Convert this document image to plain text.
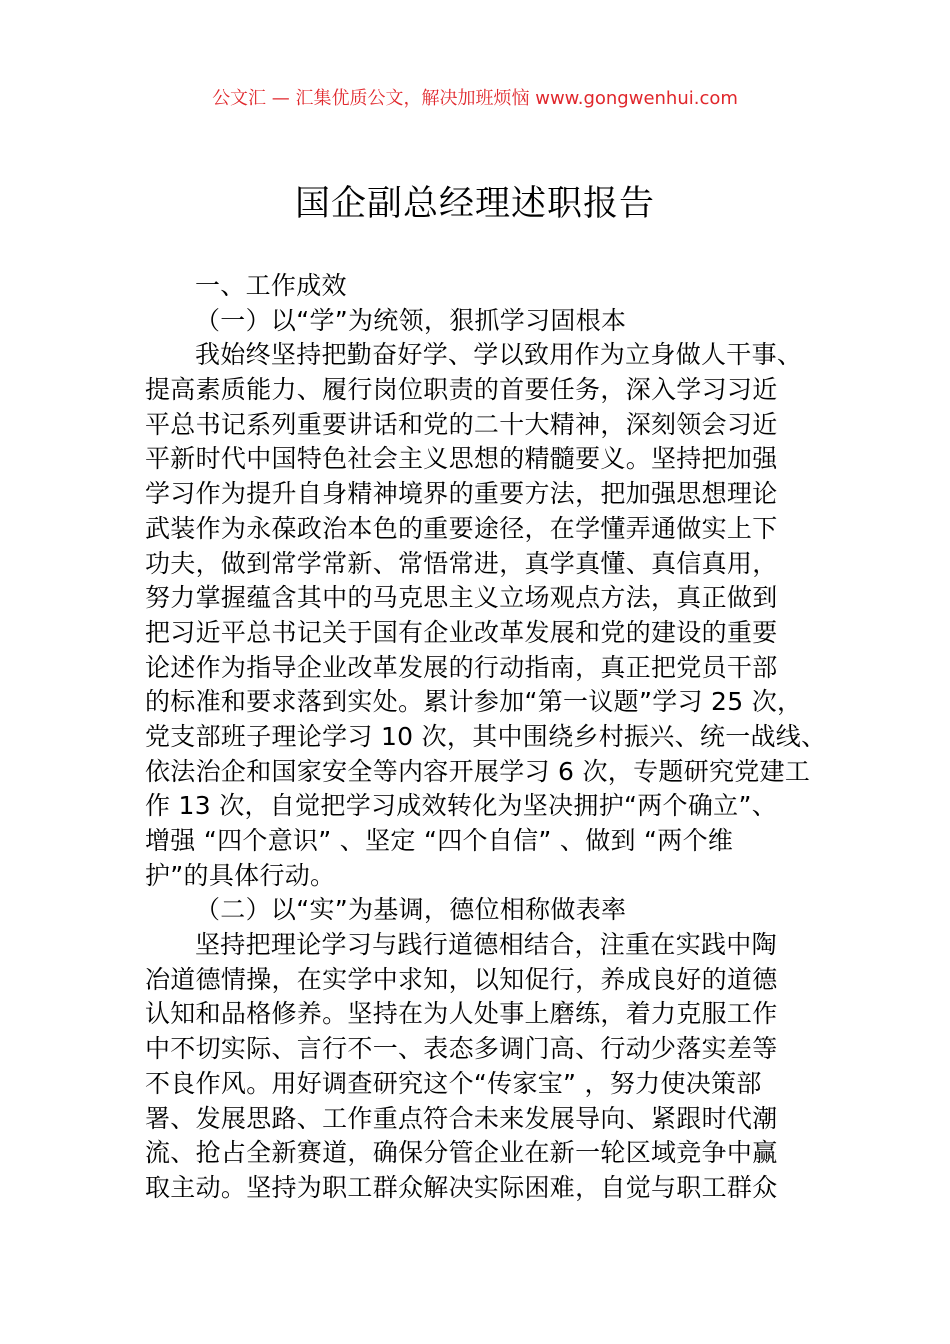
公文汇 — 汇集优质公文，解决加班烦恼 www.gongwenhui.com
国企副总经理述职报告
一、工作成效
（一）以“学”为统领，狠抓学习固根本
我始终坚持把勤奋好学、学以致用作为立身做人干事、
提高素质能力、履行岗位职责的首要任务，深入学习习近
平总书记系列重要讲话和党的二十大精神，深刻领会习近
平新时代中国特色社会主义思想的精髓要义。坚持把加强
学习作为提升自身精神境界的重要方法，把加强思想理论
武装作为永葆政治本色的重要途径，在学懂弄通做实上下
功夫，做到常学常新、常悟常进，真学真懂、真信真用，
努力掌握蕴含其中的马克思主义立场观点方法，真正做到
把习近平总书记关于国有企业改革发展和党的建设的重要
论述作为指导企业改革发展的行动指南，真正把党员干部
的标准和要求落到实处。累计参加“第一议题”学习 25 次，
党支部班子理论学习 10 次，其中围绕乡村振兴、统一战线、
依法治企和国家安全等内容开展学习 6 次，专题研究党建工
作 13 次，自觉把学习成效转化为坚决拥护“两个确立”、
增强 “四个意识” 、坚定 “四个自信” 、做到 “两个维
护”的具体行动。
（二）以“实”为基调，德位相称做表率
坚持把理论学习与践行道德相结合，注重在实践中陶
冶道德情操，在实学中求知，以知促行，养成良好的道德
认知和品格修养。坚持在为人处事上磨练，着力克服工作
中不切实际、言行不一、表态多调门高、行动少落实差等
不良作风。用好调查研究这个“传家宝” ，努力使决策部
署、发展思路、工作重点符合未来发展导向、紧跟时代潮
流、抢占全新赛道，确保分管企业在新一轮区域竞争中赢
取主动。坚持为职工群众解决实际困难，自觉与职工群众
